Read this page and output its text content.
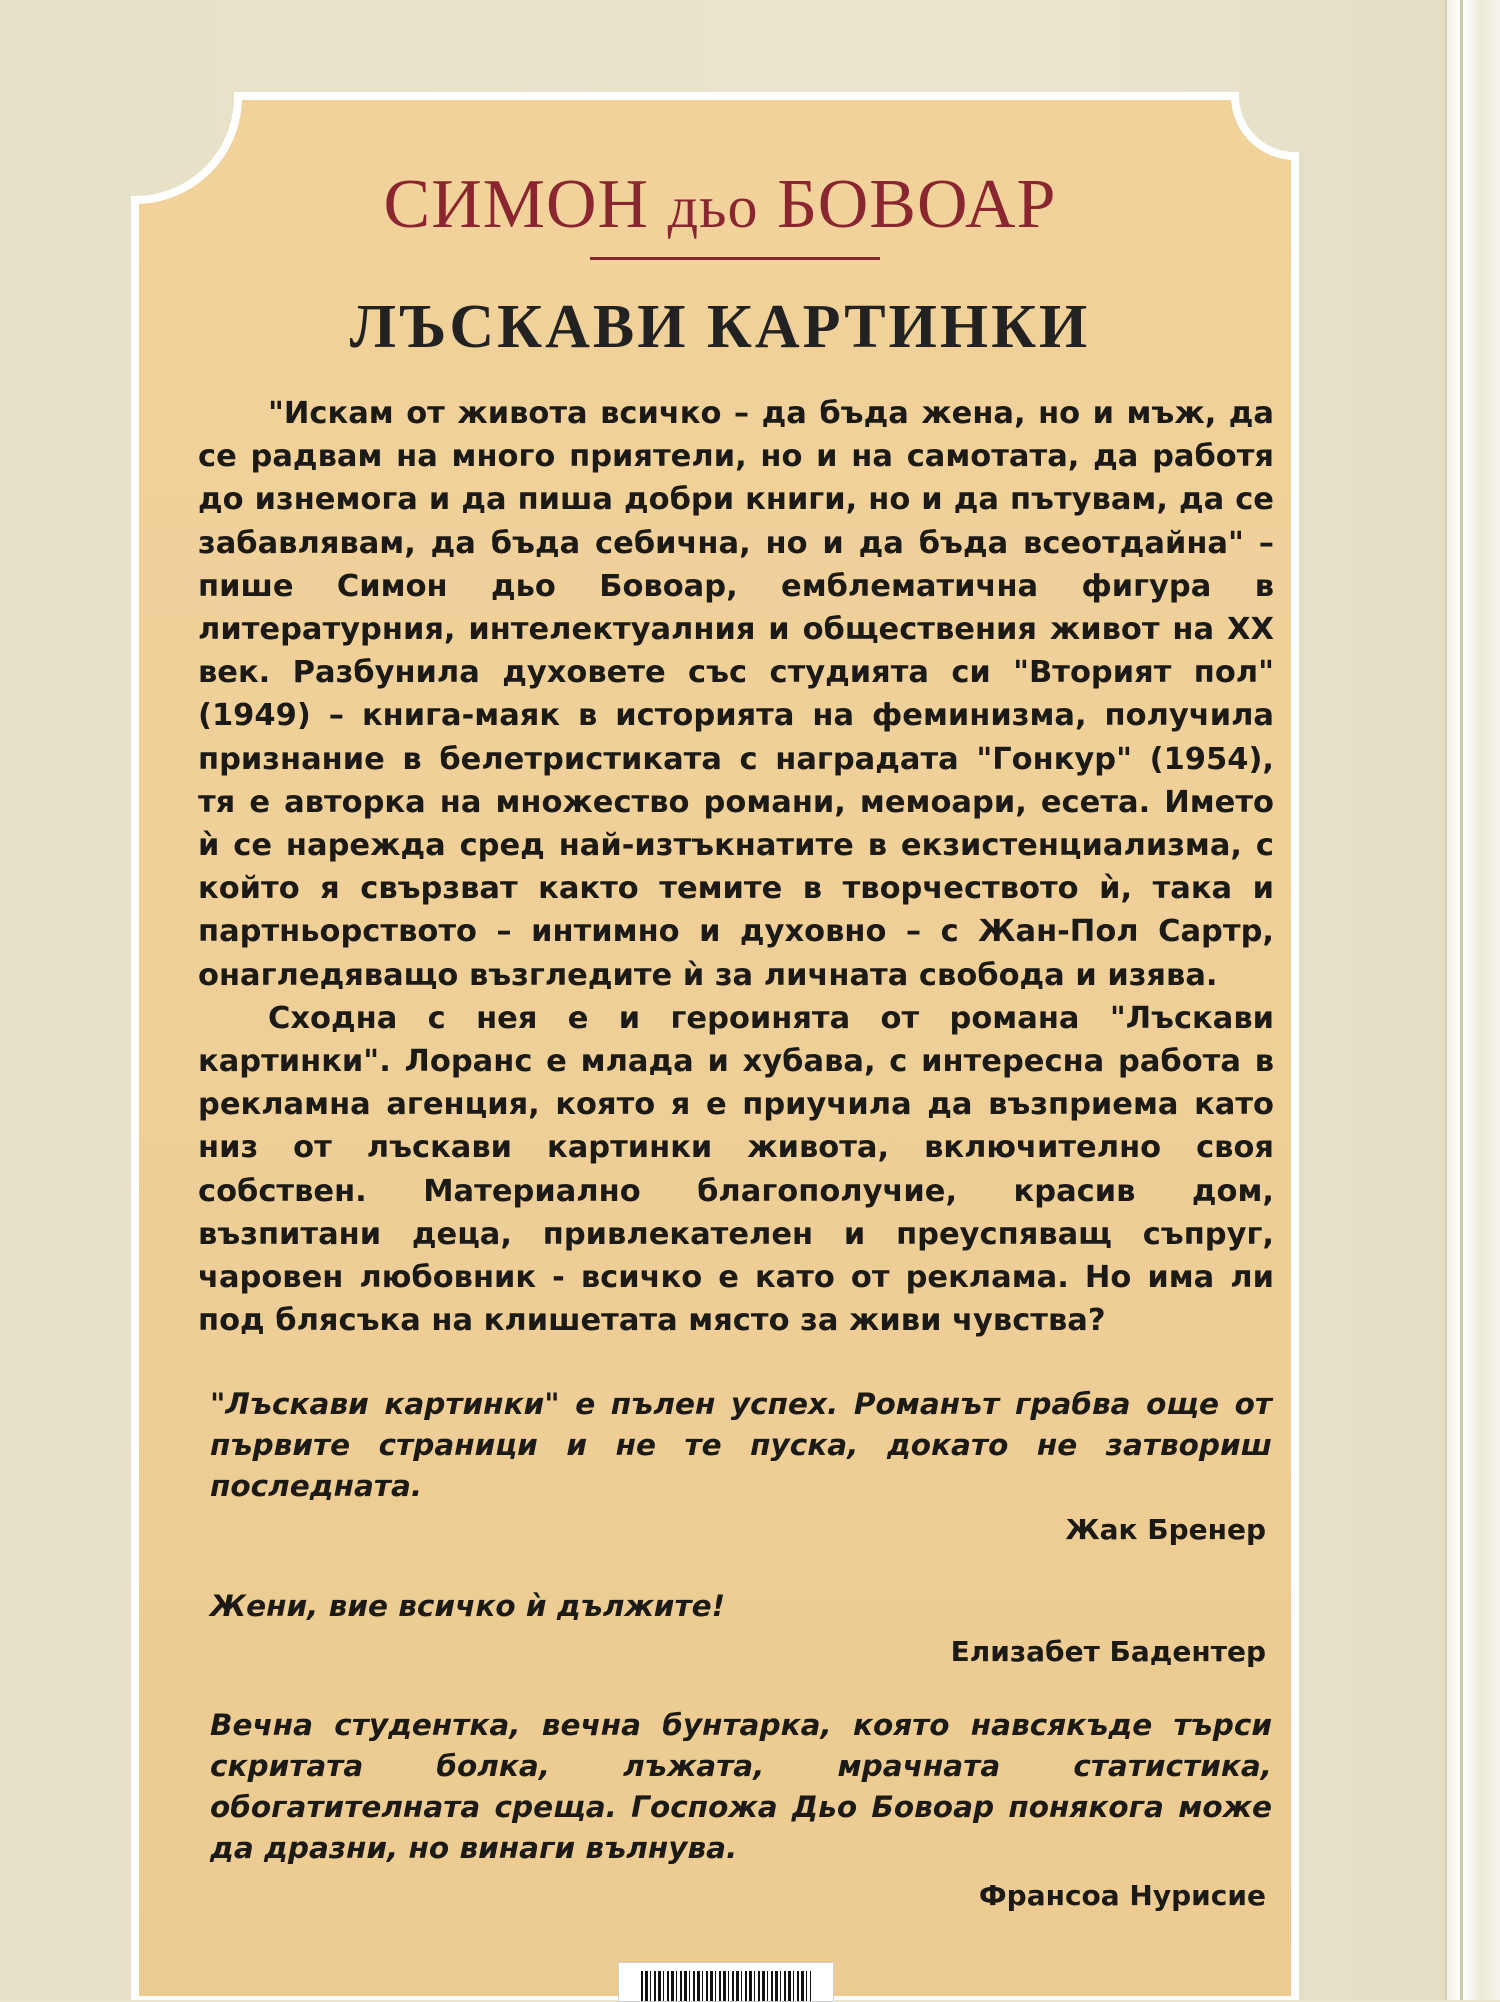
СИМОН дьо БОВОАР
ЛЪСКАВИ КАРТИНКИ

"Искам от живота всичко – да бъда жена, но и мъж, да се радвам на много приятели, но и на самотата, да работя до изнемога и да пиша добри книги, но и да пътувам, да се забавлявам, да бъда себична, но и да бъда всеотдайна" – пише Симон дьо Бовоар, емблематична фигура в литературния, интелектуалния и обществения живот на XX век. Разбунила духовете със студията си "Вторият пол" (1949) – книга-маяк в историята на феминизма, получила признание в белетристиката с наградата "Гонкур" (1954), тя е авторка на множество романи, мемоари, есета. Името ѝ се нарежда сред най-изтъкнатите в екзистенциализма, с който я свързват както темите в творчеството ѝ, така и партньорството – интимно и духовно – с Жан-Пол Сартр, онагледяващо възгледите ѝ за личната свобода и изява.

Сходна с нея е и героинята от романа "Лъскави картинки". Лоранс е млада и хубава, с интересна работа в рекламна агенция, която я е приучила да възприема като низ от лъскави картинки живота, включително своя собствен. Материално благополучие, красив дом, възпитани деца, привлекателен и преуспяващ съпруг, чаровен любовник - всичко е като от реклама. Но има ли под блясъка на клишетата място за живи чувства?

"Лъскави картинки" е пълен успех. Романът грабва още от първите страници и не те пуска, докато не затвориш последната.
Жак Бренер
Жени, вие всичко ѝ дължите!
Елизабет Бадентер
Вечна студентка, вечна бунтарка, която навсякъде търси скритата болка, лъжата, мрачната статистика, обогатителната среща. Госпожа Дьо Бовоар понякога може да дразни, но винаги вълнува.
Франсоа Нурисие
